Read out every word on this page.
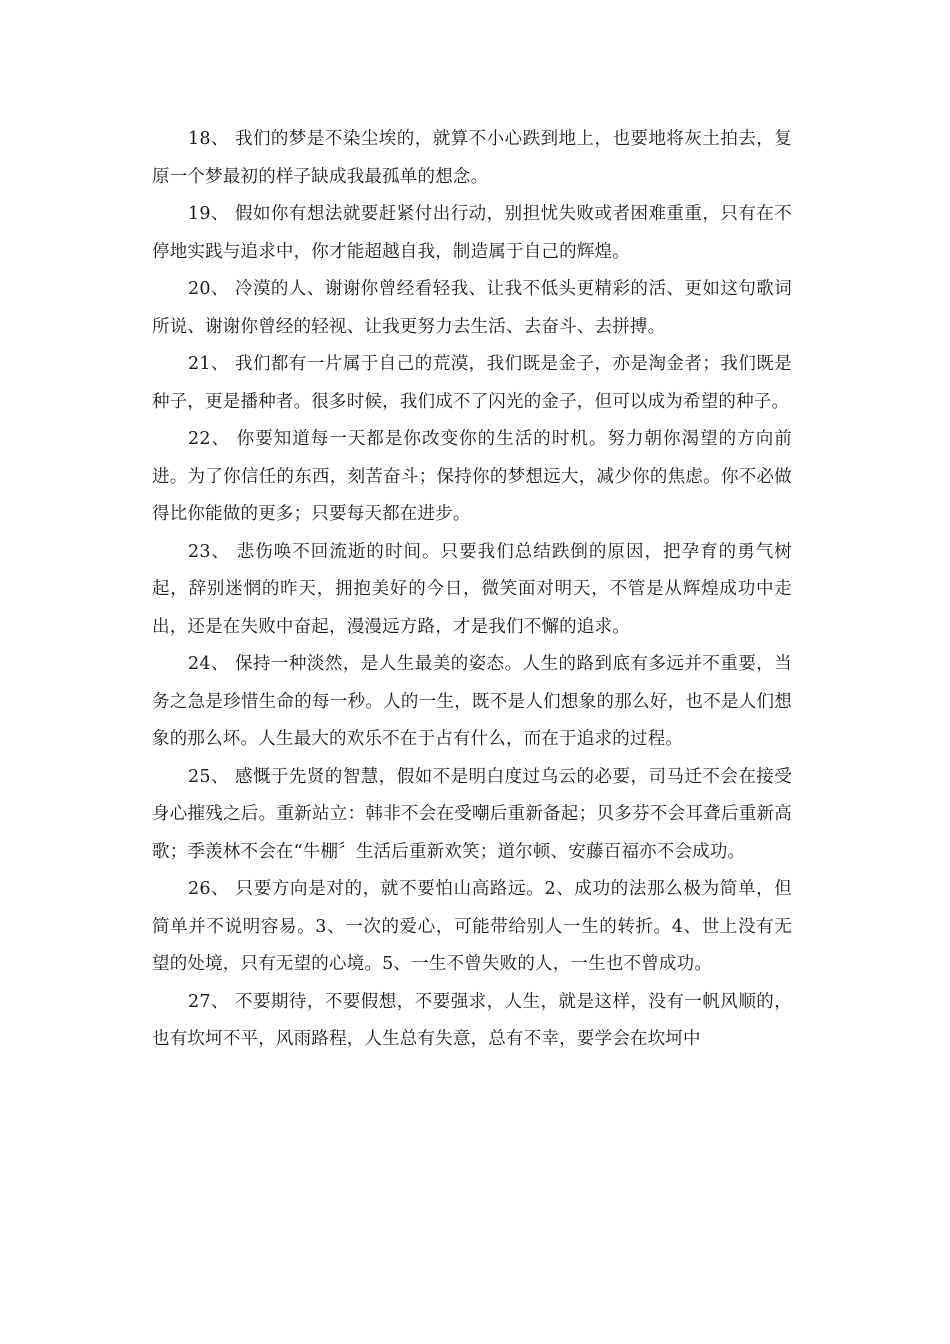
18、 我们的梦是不染尘埃的，就算不小心跌到地上，也要地将灰土拍去，复原一个梦最初的样子缺成我最孤单的想念。

19、 假如你有想法就要赶紧付出行动，别担忧失败或者困难重重，只有在不停地实践与追求中，你才能超越自我，制造属于自己的辉煌。

20、 冷漠的人、谢谢你曾经看轻我、让我不低头更精彩的活、更如这句歌词所说、谢谢你曾经的轻视、让我更努力去生活、去奋斗、去拼搏。

21、 我们都有一片属于自己的荒漠，我们既是金子，亦是淘金者；我们既是种子，更是播种者。很多时候，我们成不了闪光的金子，但可以成为希望的种子。

22、 你要知道每一天都是你改变你的生活的时机。努力朝你渴望的方向前进。为了你信任的东西，刻苦奋斗；保持你的梦想远大，减少你的焦虑。你不必做得比你能做的更多；只要每天都在进步。

23、 悲伤唤不回流逝的时间。只要我们总结跌倒的原因，把孕育的勇气树起，辞别迷惘的昨天，拥抱美好的今日，微笑面对明天，不管是从辉煌成功中走出，还是在失败中奋起，漫漫远方路，才是我们不懈的追求。

24、 保持一种淡然，是人生最美的姿态。人生的路到底有多远并不重要，当务之急是珍惜生命的每一秒。人的一生，既不是人们想象的那么好，也不是人们想象的那么坏。人生最大的欢乐不在于占有什么，而在于追求的过程。

25、 感慨于先贤的智慧，假如不是明白度过乌云的必要，司马迁不会在接受身心摧残之后。重新站立：韩非不会在受嘲后重新备起；贝多芬不会耳聋后重新高歌；季羡林不会在“牛棚〞生活后重新欢笑；道尔顿、安藤百福亦不会成功。

26、 只要方向是对的，就不要怕山高路远。2、成功的法那么极为简单，但简单并不说明容易。3、一次的爱心，可能带给别人一生的转折。4、世上没有无望的处境，只有无望的心境。5、一生不曾失败的人，一生也不曾成功。

27、 不要期待，不要假想，不要强求，人生，就是这样，没有一帆风顺的，也有坎坷不平，风雨路程，人生总有失意，总有不幸，要学会在坎坷中
